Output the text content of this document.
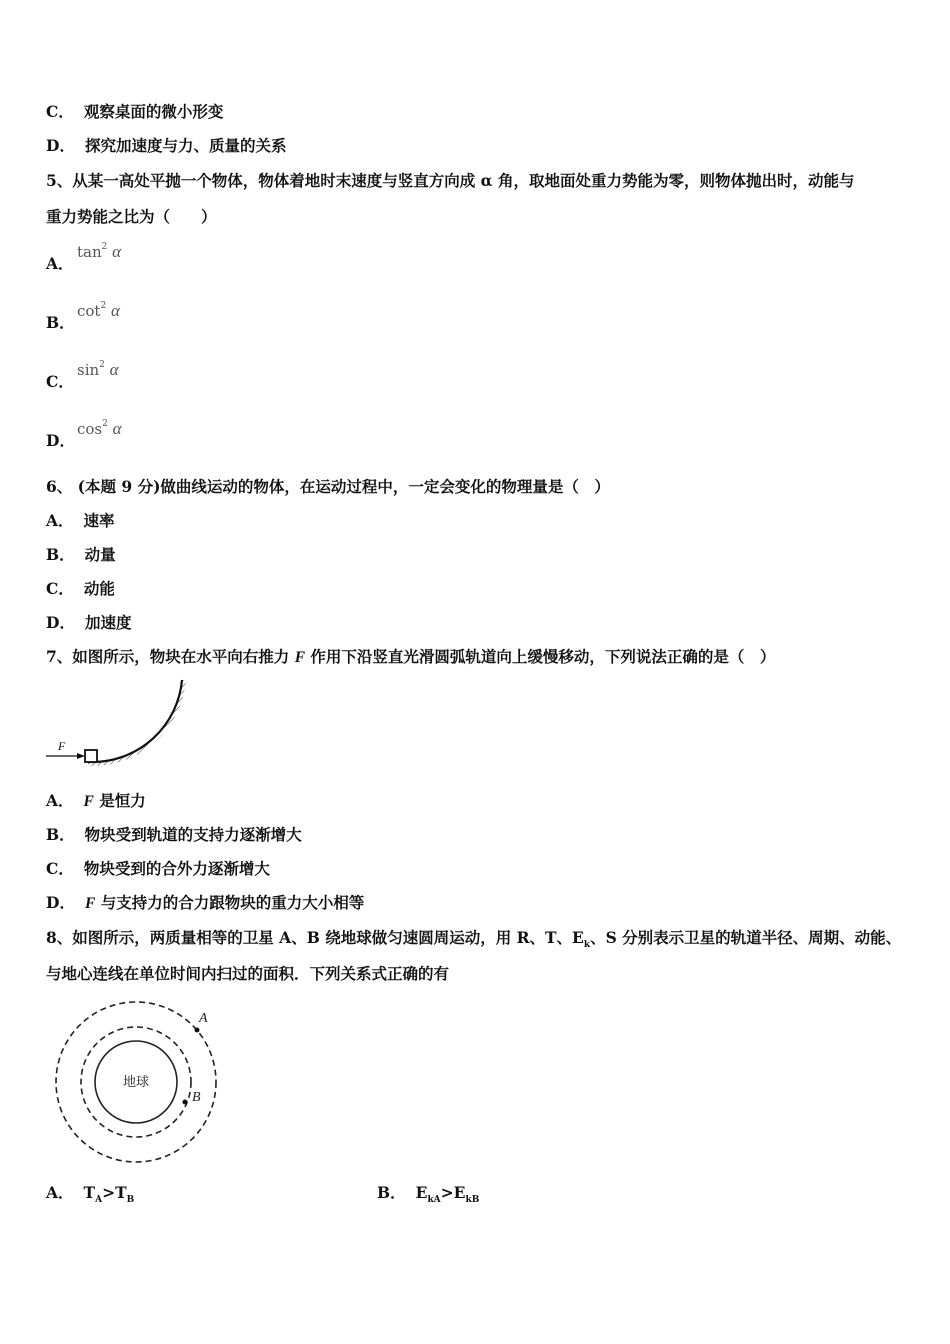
C． 观察桌面的微小形变
D． 探究加速度与力、质量的关系
5、从某一高处平抛一个物体，物体着地时末速度与竖直方向成 α 角，取地面处重力势能为零，则物体抛出时，动能与
重力势能之比为（　　）
A．
$\tan^2 \alpha$
B．
$\cot^2 \alpha$
C．
$\sin^2 \alpha$
D．
$\cos^2 \alpha$
6、 (本题 9 分)做曲线运动的物体，在运动过程中，一定会变化的物理量是（　）
A． 速率
B． 动量
C． 动能
D． 加速度
7、如图所示，物块在水平向右推力 F 作用下沿竖直光滑圆弧轨道向上缓慢移动，下列说法正确的是（　）
F
A． F 是恒力
B． 物块受到轨道的支持力逐渐增大
C． 物块受到的合外力逐渐增大
D． F 与支持力的合力跟物块的重力大小相等
8、如图所示，两质量相等的卫星 A、B 绕地球做匀速圆周运动，用 R、T、$E_k$、S 分别表示卫星的轨道半径、周期、动能、
与地心连线在单位时间内扫过的面积．下列关系式正确的有
地球
A
B
A． $T_A>T_B$	B． $E_{kA}>E_{kB}$
